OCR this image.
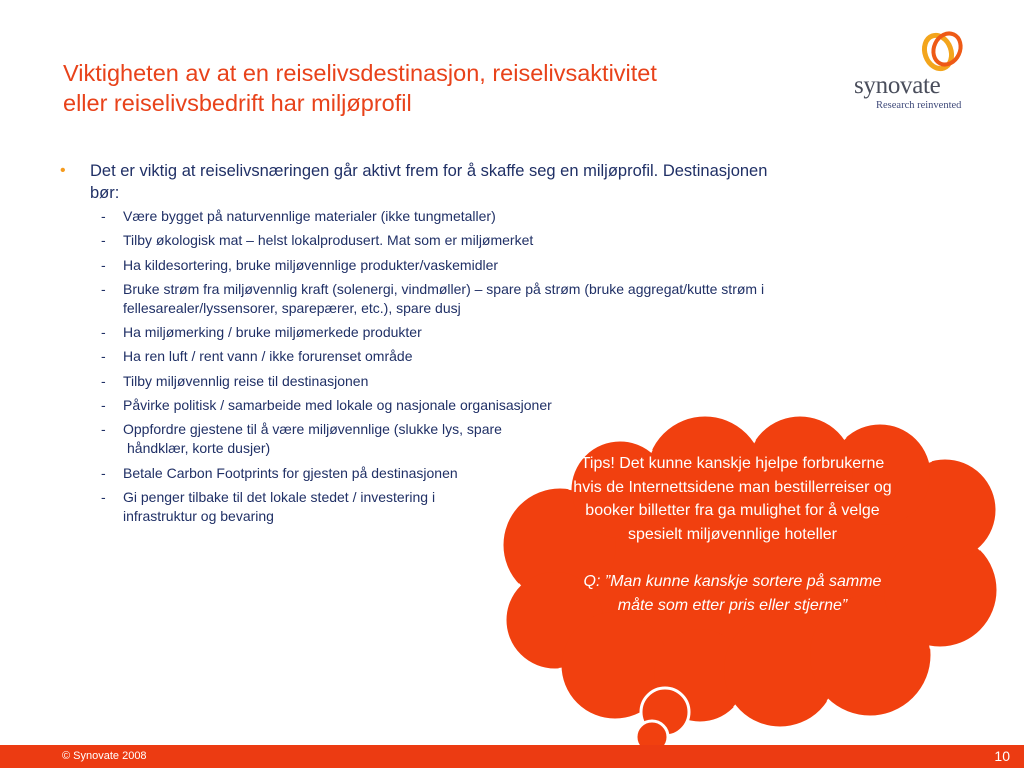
Viktigheten av at en reiselivsdestinasjon, reiselivsaktivitet
eller reiselivsbedrift har miljøprofil
synovate
Research reinvented
• Det er viktig at reiselivsnæringen går aktivt frem for å skaffe seg en miljøprofil. Destinasjonen
bør:
- Være bygget på naturvennlige materialer (ikke tungmetaller)
- Tilby økologisk mat – helst lokalprodusert. Mat som er miljømerket
- Ha kildesortering, bruke miljøvennlige produkter/vaskemidler
- Bruke strøm fra miljøvennlig kraft (solenergi, vindmøller) – spare på strøm (bruke aggregat/kutte strøm i
fellesarealer/lyssensorer, sparepærer, etc.), spare dusj
- Ha miljømerking / bruke miljømerkede produkter
- Ha ren luft / rent vann / ikke forurenset område
- Tilby miljøvennlig reise til destinasjonen
- Påvirke politisk / samarbeide med lokale og nasjonale organisasjoner
- Oppfordre gjestene til å være miljøvennlige (slukke lys, spare
håndklær, korte dusjer)
- Betale Carbon Footprints for gjesten på destinasjonen
- Gi penger tilbake til det lokale stedet / investering i
infrastruktur og bevaring
Tips! Det kunne kanskje hjelpe forbrukerne hvis de Internettsidene man bestillerreiser og booker billetter fra ga mulighet for å velge spesielt miljøvennlige hoteller
Q: ”Man kunne kanskje sortere på samme måte som etter pris eller stjerne”
© Synovate 2008	10
